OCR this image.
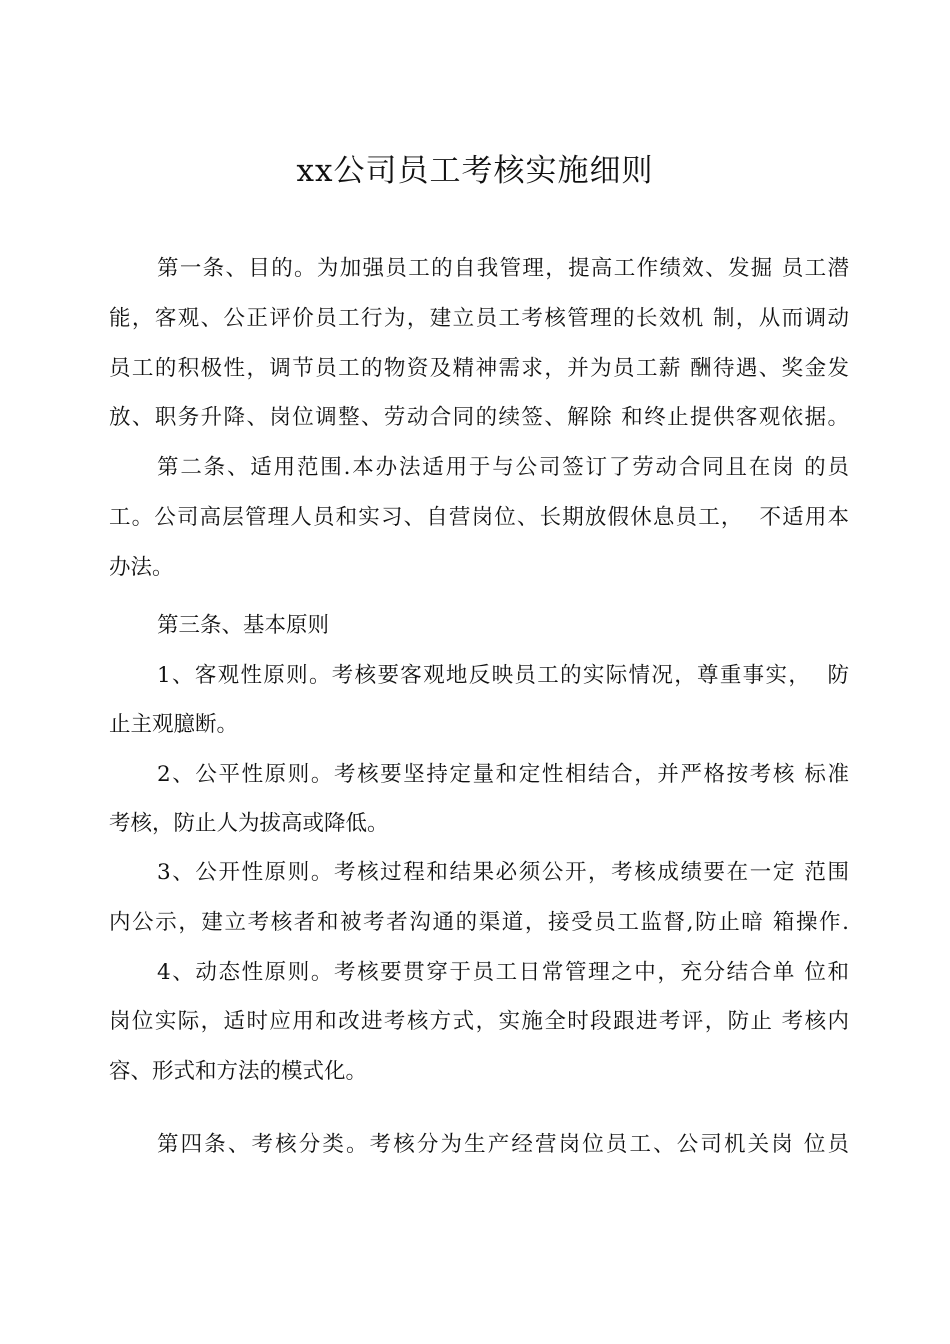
xx公司员工考核实施细则
第一条、目的。为加强员工的自我管理，提高工作绩效、发掘 员工潜
能，客观、公正评价员工行为，建立员工考核管理的长效机 制，从而调动
员工的积极性，调节员工的物资及精神需求，并为员工薪 酬待遇、奖金发
放、职务升降、岗位调整、劳动合同的续签、解除 和终止提供客观依据。
第二条、适用范围.本办法适用于与公司签订了劳动合同且在岗 的员
工。公司高层管理人员和实习、自营岗位、长期放假休息员工，  不适用本
办法。
第三条、基本原则
1、客观性原则。考核要客观地反映员工的实际情况，尊重事实，  防
止主观臆断。
2、公平性原则。考核要坚持定量和定性相结合，并严格按考核 标准
考核，防止人为拔高或降低。
3、公开性原则。考核过程和结果必须公开，考核成绩要在一定 范围
内公示，建立考核者和被考者沟通的渠道，接受员工监督,防止暗 箱操作.
4、动态性原则。考核要贯穿于员工日常管理之中，充分结合单 位和
岗位实际，适时应用和改进考核方式，实施全时段跟进考评，防止 考核内
容、形式和方法的模式化。
第四条、考核分类。考核分为生产经营岗位员工、公司机关岗 位员
